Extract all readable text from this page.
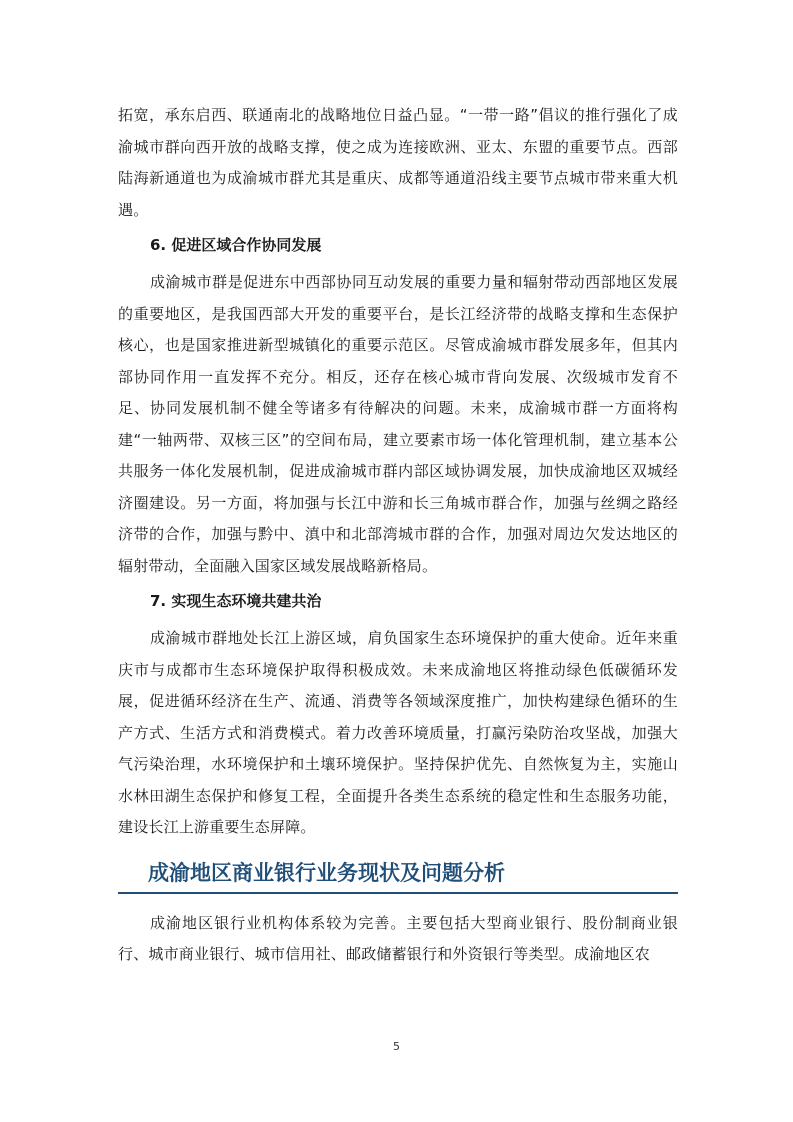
拓宽，承东启西、联通南北的战略地位日益凸显。“一带一路”倡议的推行强化了成渝城市群向西开放的战略支撑，使之成为连接欧洲、亚太、东盟的重要节点。西部陆海新通道也为成渝城市群尤其是重庆、成都等通道沿线主要节点城市带来重大机遇。

6. 促进区域合作协同发展

成渝城市群是促进东中西部协同互动发展的重要力量和辐射带动西部地区发展的重要地区，是我国西部大开发的重要平台，是长江经济带的战略支撑和生态保护核心，也是国家推进新型城镇化的重要示范区。尽管成渝城市群发展多年，但其内部协同作用一直发挥不充分。相反，还存在核心城市背向发展、次级城市发育不足、协同发展机制不健全等诸多有待解决的问题。未来，成渝城市群一方面将构建“一轴两带、双核三区”的空间布局，建立要素市场一体化管理机制，建立基本公共服务一体化发展机制，促进成渝城市群内部区域协调发展，加快成渝地区双城经济圈建设。另一方面，将加强与长江中游和长三角城市群合作，加强与丝绸之路经济带的合作，加强与黔中、滇中和北部湾城市群的合作，加强对周边欠发达地区的辐射带动，全面融入国家区域发展战略新格局。

7. 实现生态环境共建共治

成渝城市群地处长江上游区域，肩负国家生态环境保护的重大使命。近年来重庆市与成都市生态环境保护取得积极成效。未来成渝地区将推动绿色低碳循环发展，促进循环经济在生产、流通、消费等各领域深度推广，加快构建绿色循环的生产方式、生活方式和消费模式。着力改善环境质量，打赢污染防治攻坚战，加强大气污染治理，水环境保护和土壤环境保护。坚持保护优先、自然恢复为主，实施山水林田湖生态保护和修复工程，全面提升各类生态系统的稳定性和生态服务功能，建设长江上游重要生态屏障。

成渝地区商业银行业务现状及问题分析

成渝地区银行业机构体系较为完善。主要包括大型商业银行、股份制商业银行、城市商业银行、城市信用社、邮政储蓄银行和外资银行等类型。成渝地区农

5
